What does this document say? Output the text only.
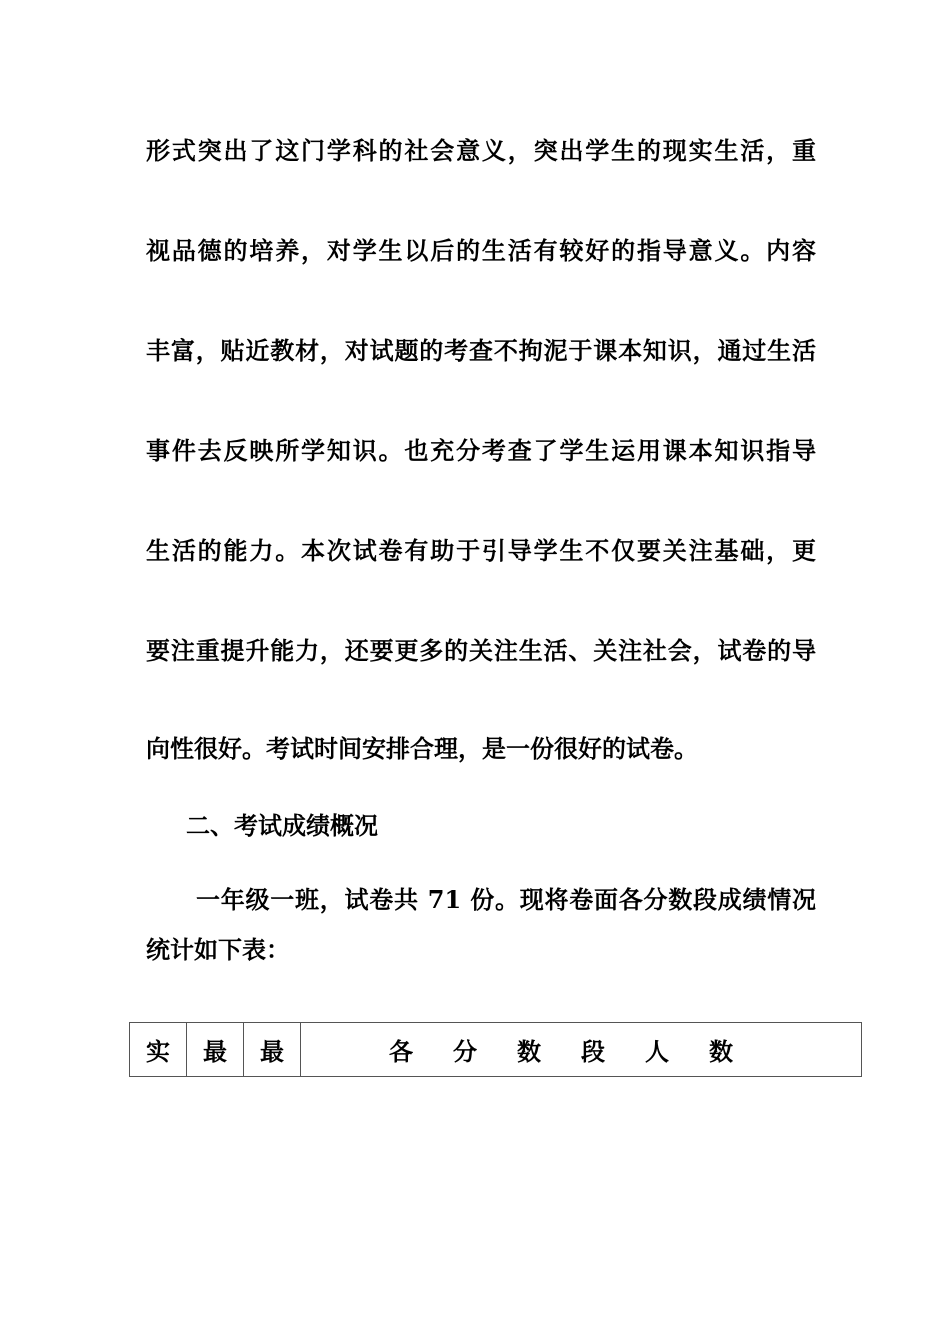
形式突出了这门学科的社会意义，突出学生的现实生活，重
视品德的培养，对学生以后的生活有较好的指导意义。内容
丰富，贴近教材，对试题的考查不拘泥于课本知识，通过生活
事件去反映所学知识。也充分考查了学生运用课本知识指导
生活的能力。本次试卷有助于引导学生不仅要关注基础，更
要注重提升能力，还要更多的关注生活、关注社会，试卷的导
向性很好。考试时间安排合理，是一份很好的试卷。
二、考试成绩概况
一年级一班，试卷共 71 份。现将卷面各分数段成绩情况
统计如下表：
实	最	最	各 分 数 段 人 数
